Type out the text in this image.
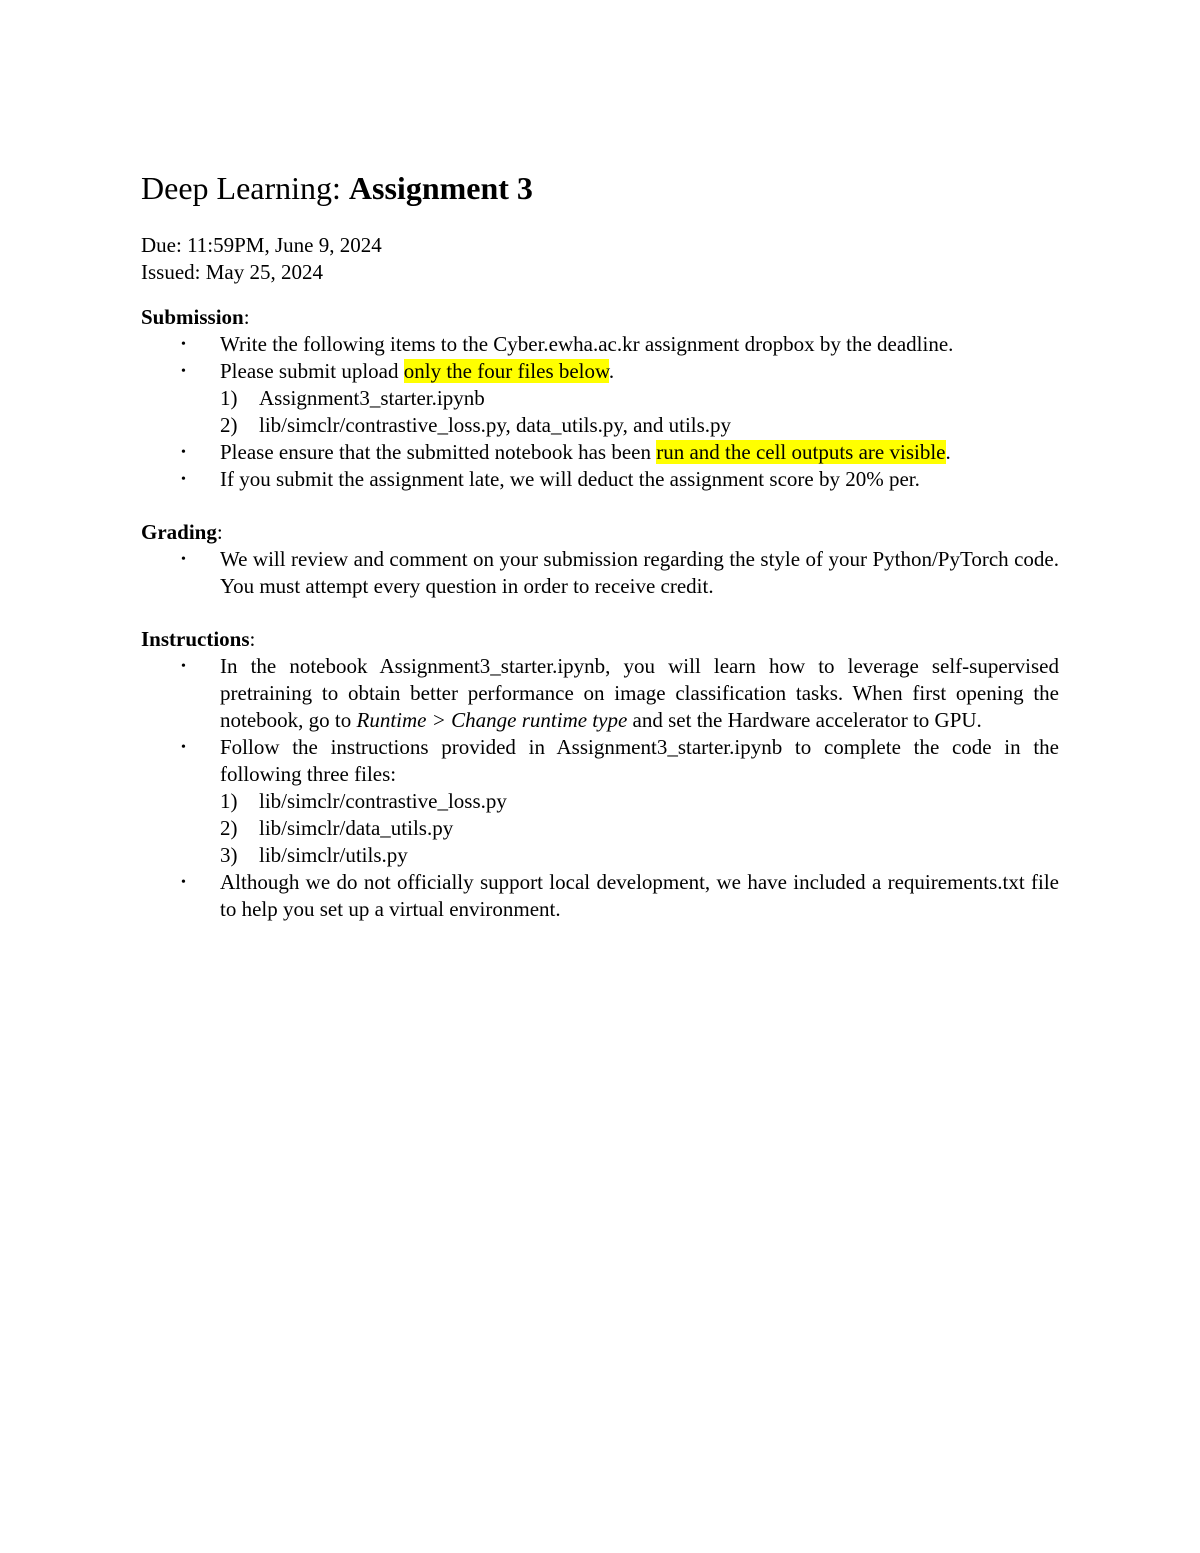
Deep Learning: Assignment 3

Due: 11:59PM, June 9, 2024

Issued: May 25, 2024

Submission:

• Write the following items to the Cyber.ewha.ac.kr assignment dropbox by the deadline.
• Please submit upload only the four files below.
1) Assignment3_starter.ipynb
2) lib/simclr/contrastive_loss.py, data_utils.py, and utils.py
• Please ensure that the submitted notebook has been run and the cell outputs are visible.
• If you submit the assignment late, we will deduct the assignment score by 20% per.

Grading:

• We will review and comment on your submission regarding the style of your Python/PyTorch code. You must attempt every question in order to receive credit.

Instructions:

• In the notebook Assignment3_starter.ipynb, you will learn how to leverage self-supervised pretraining to obtain better performance on image classification tasks. When first opening the notebook, go to Runtime > Change runtime type and set the Hardware accelerator to GPU.
• Follow the instructions provided in Assignment3_starter.ipynb to complete the code in the following three files:
1) lib/simclr/contrastive_loss.py
2) lib/simclr/data_utils.py
3) lib/simclr/utils.py
• Although we do not officially support local development, we have included a requirements.txt file to help you set up a virtual environment.
